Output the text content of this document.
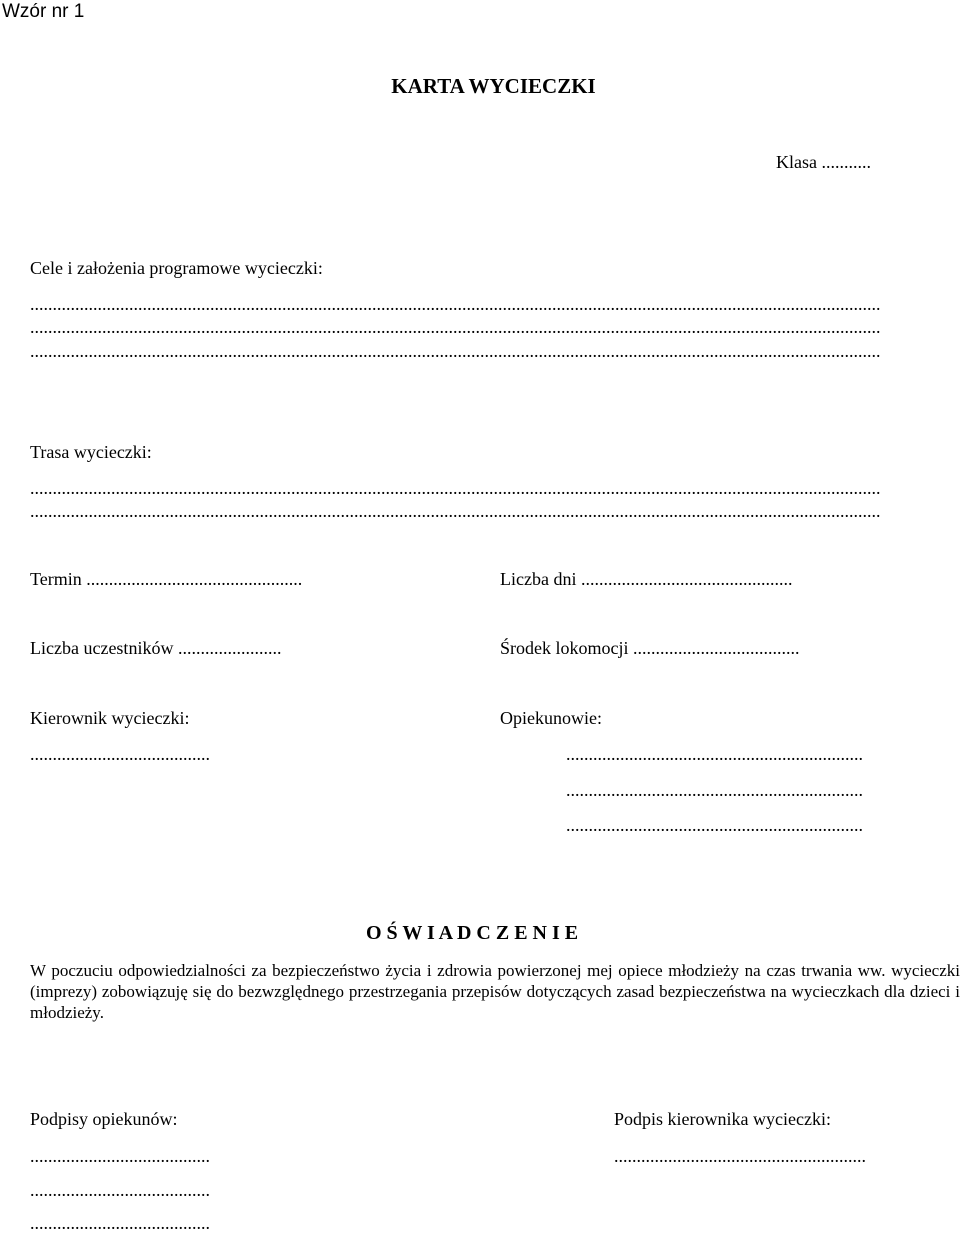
Wzór nr 1
KARTA WYCIECZKI
Klasa ...........
Cele i założenia programowe wycieczki:
.............................................................................................................................................................................................
.............................................................................................................................................................................................
.............................................................................................................................................................................................
Trasa wycieczki:
.............................................................................................................................................................................................
.............................................................................................................................................................................................
Termin ................................................	Liczba dni ...............................................
Liczba uczestników .......................	Środek lokomocji .....................................
Kierownik wycieczki:	Opiekunowie:
........................................	..................................................................
..................................................................
..................................................................
O Ś W I A D C Z E N I E
W poczuciu odpowiedzialności za bezpieczeństwo życia i zdrowia powierzonej mej opiece młodzieży na czas trwania ww. wycieczki (imprezy) zobowiązuję się do bezwzględnego przestrzegania przepisów dotyczących zasad bezpieczeństwa na wycieczkach dla dzieci i młodzieży.
Podpisy opiekunów:	Podpis kierownika wycieczki:
........................................	........................................................
........................................
........................................
